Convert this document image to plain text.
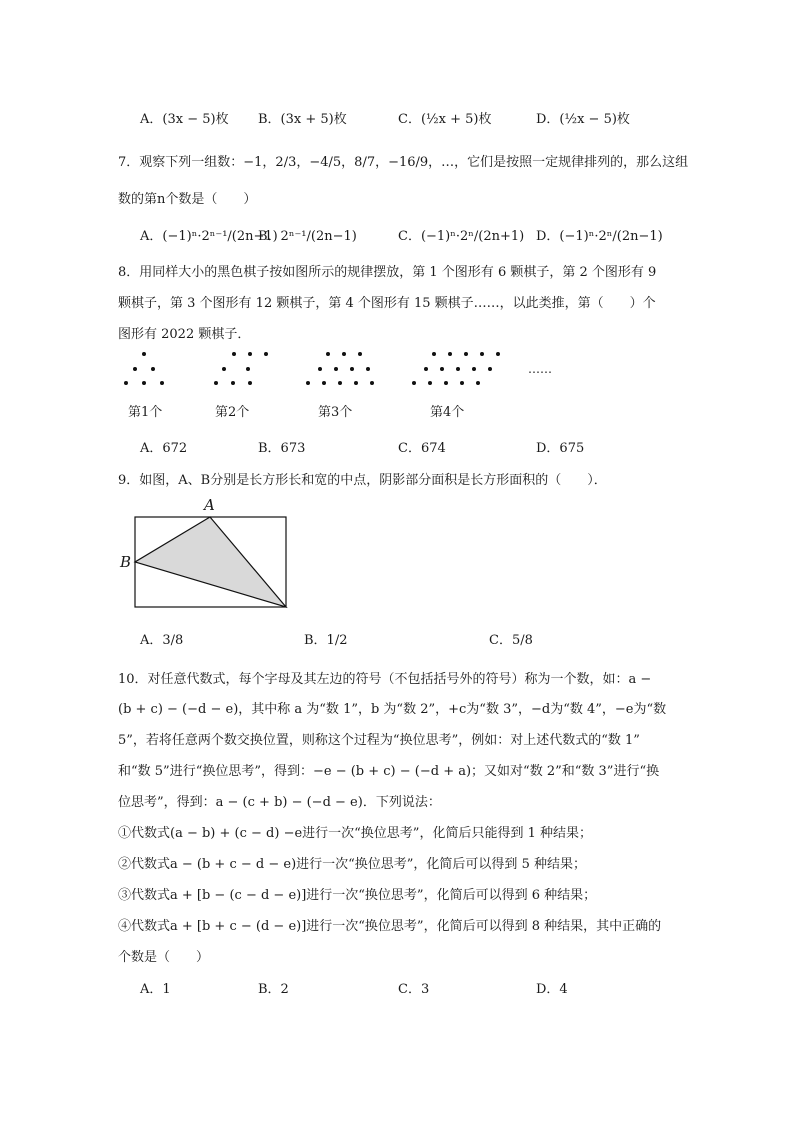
A．(3x − 5)枚 B．(3x + 5)枚	C．(½x + 5)枚	D．(½x − 5)枚
7．观察下列一组数：−1，2/3，−4/5，8/7，−16/9，…，它们是按照一定规律排列的，那么这组
数的第n个数是（　　）
A．(−1)ⁿ·2ⁿ⁻¹/(2n−1)
B．2ⁿ⁻¹/(2n−1)	C．(−1)ⁿ·2ⁿ/(2n+1) D．(−1)ⁿ·2ⁿ/(2n−1)
8．用同样大小的黑色棋子按如图所示的规律摆放，第 1 个图形有 6 颗棋子，第 2 个图形有 9
颗棋子，第 3 个图形有 12 颗棋子，第 4 个图形有 15 颗棋子……，以此类推，第（　　）个
图形有 2022 颗棋子．
……
第1个	第2个	第3个	第4个
A．672	B．673	C．674	D．675
9．如图，A、B分别是长方形长和宽的中点，阴影部分面积是长方形面积的（　　）．
A
B
A．3/8	B．1/2	C．5/8
10．对任意代数式，每个字母及其左边的符号（不包括括号外的符号）称为一个数，如：a −
(b + c) − (−d − e)，其中称 a 为“数 1”，b 为“数 2”，+c为“数 3”，−d为“数 4”，−e为“数
5”，若将任意两个数交换位置，则称这个过程为“换位思考”，例如：对上述代数式的“数 1”
和“数 5”进行“换位思考”，得到：−e − (b + c) − (−d + a)；又如对“数 2”和“数 3”进行“换
位思考”，得到：a − (c + b) − (−d − e)．下列说法：
①代数式(a − b) + (c − d) −e进行一次“换位思考”，化简后只能得到 1 种结果；
②代数式a − (b + c − d − e)进行一次“换位思考”，化简后可以得到 5 种结果；
③代数式a + [b − (c − d − e)]进行一次“换位思考”，化简后可以得到 6 种结果；
④代数式a + [b + c − (d − e)]进行一次“换位思考”，化简后可以得到 8 种结果，其中正确的
个数是（　　）
A．1	B．2	C．3	D．4
